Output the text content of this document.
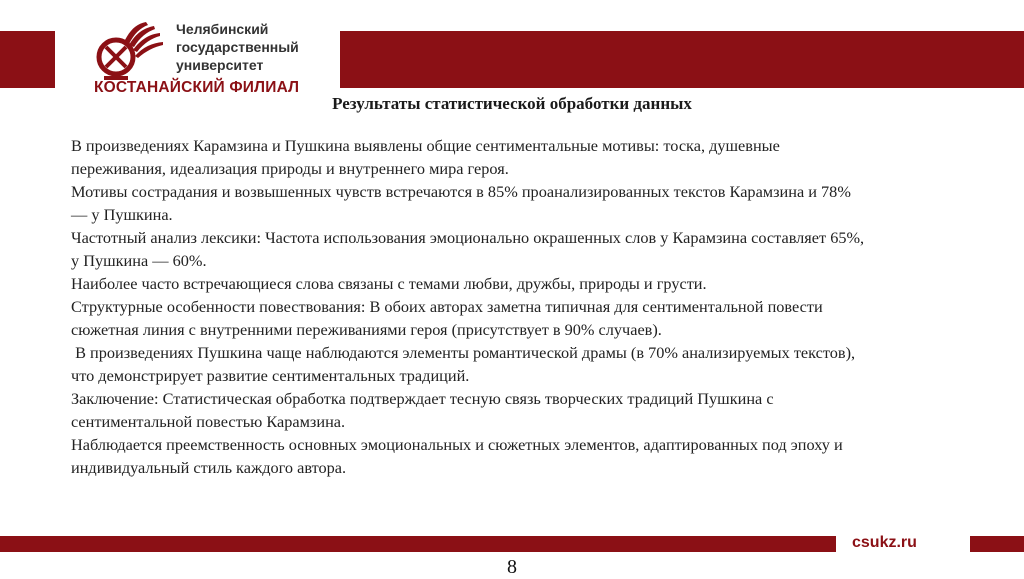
Челябинский
государственный
университет
КОСТАНАЙСКИЙ ФИЛИАЛ
Результаты статистической обработки данных

В произведениях Карамзина и Пушкина выявлены общие сентиментальные мотивы: тоска, душевные переживания, идеализация природы и внутреннего мира героя.

Мотивы сострадания и возвышенных чувств встречаются в 85% проанализированных текстов Карамзина и 78% — у Пушкина.

Частотный анализ лексики: Частота использования эмоционально окрашенных слов у Карамзина составляет 65%, у Пушкина — 60%.

Наиболее часто встречающиеся слова связаны с темами любви, дружбы, природы и грусти.

Структурные особенности повествования: В обоих авторах заметна типичная для сентиментальной повести сюжетная линия с внутренними переживаниями героя (присутствует в 90% случаев).

В произведениях Пушкина чаще наблюдаются элементы романтической драмы (в 70% анализируемых текстов), что демонстрирует развитие сентиментальных традиций.

Заключение: Статистическая обработка подтверждает тесную связь творческих традиций Пушкина с сентиментальной повестью Карамзина.

Наблюдается преемственность основных эмоциональных и сюжетных элементов, адаптированных под эпоху и индивидуальный стиль каждого автора.

csukz.ru
8
